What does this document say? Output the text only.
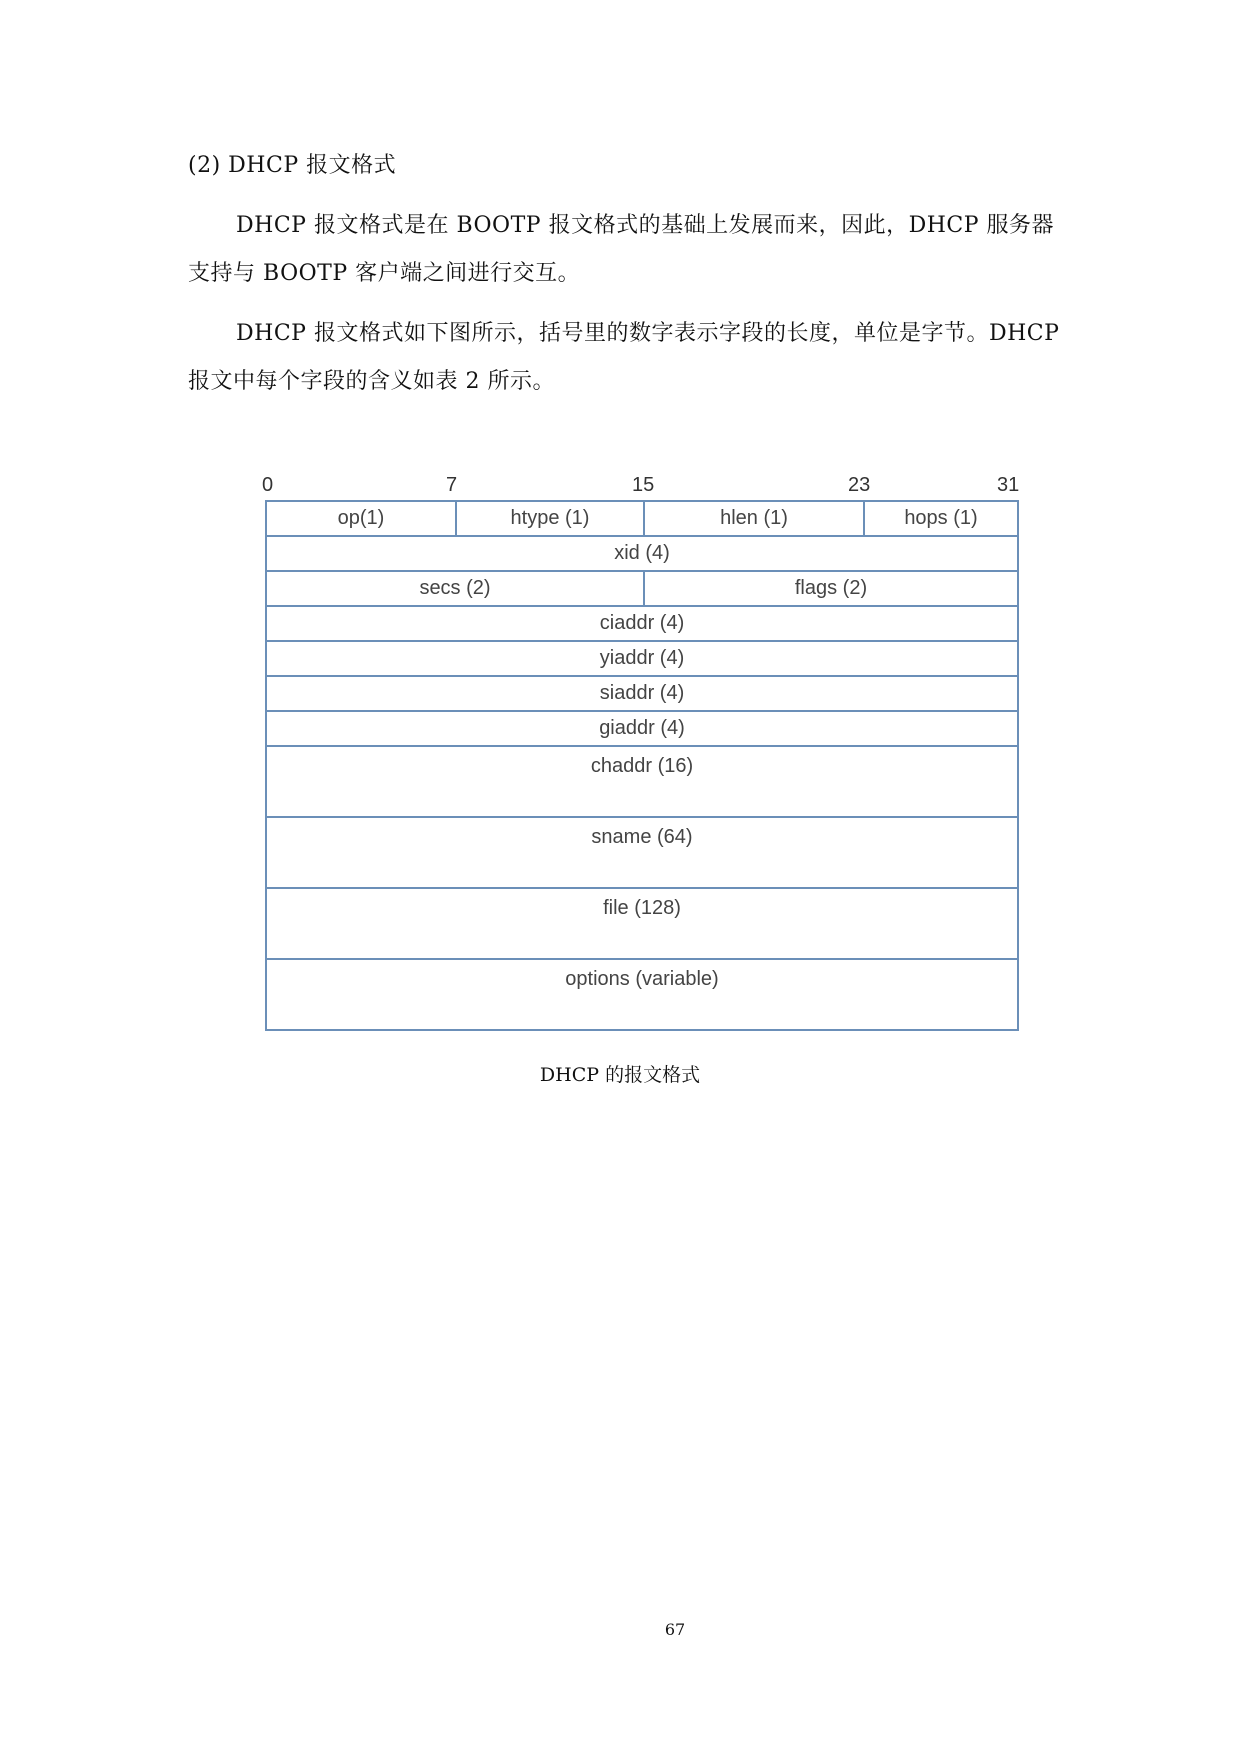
(2) DHCP 报文格式
DHCP 报文格式是在 BOOTP 报文格式的基础上发展而来，因此，DHCP 服务器支持与 BOOTP 客户端之间进行交互。
DHCP 报文格式如下图所示，括号里的数字表示字段的长度，单位是字节。DHCP 报文中每个字段的含义如表 2 所示。
0	7	15	23	31
op(1)	htype (1)	hlen (1)	hops (1)
xid (4)
secs (2)	flags (2)
ciaddr (4)
yiaddr (4)
siaddr (4)
giaddr (4)
chaddr (16)
sname (64)
file (128)
options (variable)
DHCP 的报文格式
67
